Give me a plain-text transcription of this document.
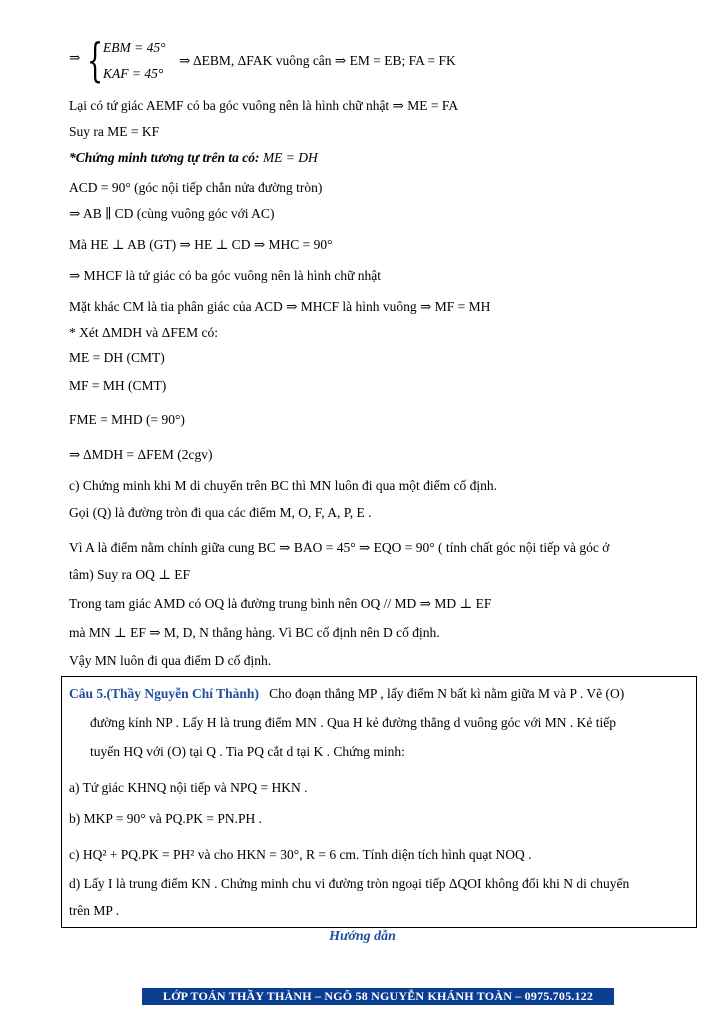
⇒ { EBM = 45°
KAF = 45°
⇒ ΔEBM, ΔFAK vuông cân ⇒ EM = EB; FA = FK
Lại có tứ giác AEMF có ba góc vuông nên là hình chữ nhật ⇒ ME = FA
Suy ra ME = KF
*Chứng minh tương tự trên ta có: ME = DH
ACD = 90° (góc nội tiếp chắn nửa đường tròn)
⇒ AB ∥ CD (cùng vuông góc với AC)
Mà HE ⊥ AB (GT) ⇒ HE ⊥ CD ⇒ MHC = 90°
⇒ MHCF là tứ giác có ba góc vuông nên là hình chữ nhật
Mặt khác CM là tia phân giác của ACD ⇒ MHCF là hình vuông ⇒ MF = MH
* Xét ΔMDH và ΔFEM có:
ME = DH (CMT)
MF = MH (CMT)
FME = MHD (= 90°)
⇒ ΔMDH = ΔFEM (2cgv)
c) Chứng minh khi M di chuyển trên BC thì MN luôn đi qua một điểm cố định.
Gọi (Q) là đường tròn đi qua các điểm M, O, F, A, P, E .
Vì A là điểm nằm chính giữa cung BC ⇒ BAO = 45° ⇒ EQO = 90° ( tính chất góc nội tiếp và góc ở
tâm) Suy ra OQ ⊥ EF
Trong tam giác AMD có OQ là đường trung bình nên OQ // MD ⇒ MD ⊥ EF
mà MN ⊥ EF ⇒ M, D, N thẳng hàng. Vì BC cố định nên D cố định.
Vậy MN luôn đi qua điểm D cố định.
Câu 5.(Thầy Nguyễn Chí Thành) Cho đoạn thẳng MP , lấy điểm N bất kì nằm giữa M và P . Vẽ (O)
đường kính NP . Lấy H là trung điểm MN . Qua H kẻ đường thẳng d vuông góc với MN . Kẻ tiếp
tuyến HQ với (O) tại Q . Tia PQ cắt d tại K . Chứng minh:
a) Tứ giác KHNQ nội tiếp và NPQ = HKN .
b) MKP = 90° và PQ.PK = PN.PH .
c) HQ² + PQ.PK = PH² và cho HKN = 30°, R = 6 cm. Tính diện tích hình quạt NOQ .
d) Lấy I là trung điểm KN . Chứng minh chu vi đường tròn ngoại tiếp ΔQOI không đổi khi N di chuyển
trên MP .
Hướng dẫn
LỚP TOÁN THẦY THÀNH – NGÕ 58 NGUYỄN KHÁNH TOÀN – 0975.705.122
